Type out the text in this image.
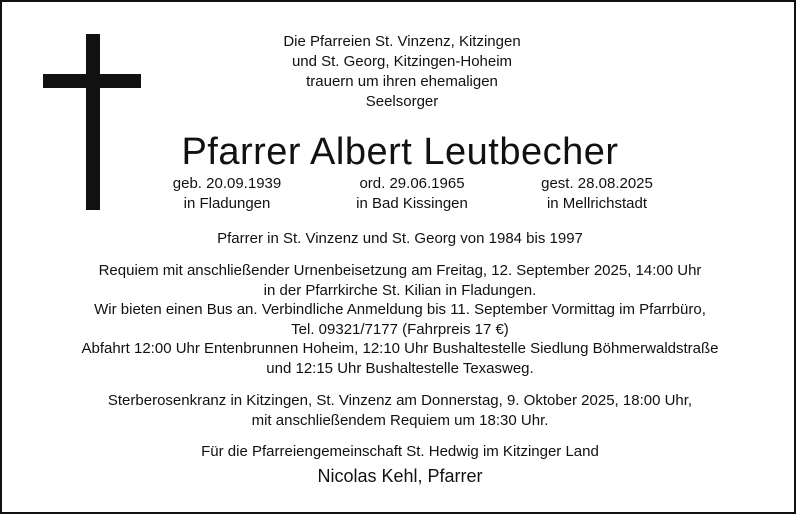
Die Pfarreien St. Vinzenz, Kitzingen
und St. Georg, Kitzingen-Hoheim
trauern um ihren ehemaligen
Seelsorger
Pfarrer Albert Leutbecher
geb. 20.09.1939
in Fladungen
ord. 29.06.1965
in Bad Kissingen
gest. 28.08.2025
in Mellrichstadt
Pfarrer in St. Vinzenz und St. Georg von 1984 bis 1997
Requiem mit anschließender Urnenbeisetzung am Freitag, 12. September 2025, 14:00 Uhr
in der Pfarrkirche St. Kilian in Fladungen.
Wir bieten einen Bus an. Verbindliche Anmeldung bis 11. September Vormittag im Pfarrbüro,
Tel. 09321/7177 (Fahrpreis 17 €)
Abfahrt 12:00 Uhr Entenbrunnen Hoheim, 12:10 Uhr Bushaltestelle Siedlung Böhmerwaldstraße
und 12:15 Uhr Bushaltestelle Texasweg.
Sterberosenkranz in Kitzingen, St. Vinzenz am Donnerstag, 9. Oktober 2025, 18:00 Uhr,
mit anschließendem Requiem um 18:30 Uhr.
Für die Pfarreiengemeinschaft St. Hedwig im Kitzinger Land
Nicolas Kehl, Pfarrer
